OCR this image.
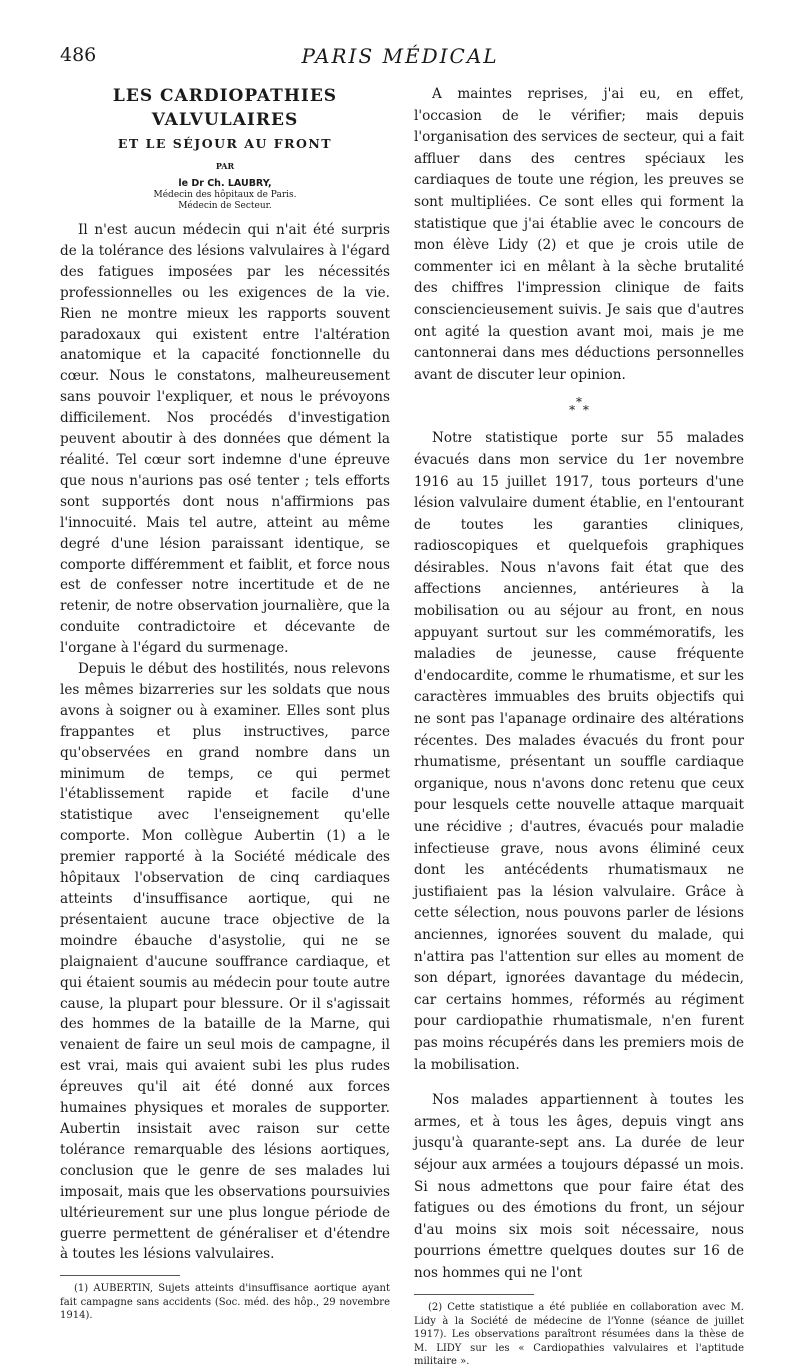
486	PARIS MÉDICAL
LES CARDIOPATHIES
VALVULAIRES

ET LE SÉJOUR AU FRONT

PAR

le Dr Ch. LAUBRY,

Médecin des hôpitaux de Paris.

Médecin de Secteur.

Il n'est aucun médecin qui n'ait été surpris de la tolérance des lésions valvulaires à l'égard des fatigues imposées par les nécessités professionnelles ou les exigences de la vie. Rien ne montre mieux les rapports souvent paradoxaux qui existent entre l'altération anatomique et la capacité fonctionnelle du cœur. Nous le constatons, malheureusement sans pouvoir l'expliquer, et nous le prévoyons difficilement. Nos procédés d'investigation peuvent aboutir à des données que dément la réalité. Tel cœur sort indemne d'une épreuve que nous n'aurions pas osé tenter ; tels efforts sont supportés dont nous n'affirmions pas l'innocuité. Mais tel autre, atteint au même degré d'une lésion paraissant identique, se comporte différemment et faiblit, et force nous est de confesser notre incertitude et de ne retenir, de notre observation journalière, que la conduite contradictoire et décevante de l'organe à l'égard du surmenage.

Depuis le début des hostilités, nous relevons les mêmes bizarreries sur les soldats que nous avons à soigner ou à examiner. Elles sont plus frappantes et plus instructives, parce qu'observées en grand nombre dans un minimum de temps, ce qui permet l'établissement rapide et facile d'une statistique avec l'enseignement qu'elle comporte. Mon collègue Aubertin (1) a le premier rapporté à la Société médicale des hôpitaux l'observation de cinq cardiaques atteints d'insuffisance aortique, qui ne présentaient aucune trace objective de la moindre ébauche d'asystolie, qui ne se plaignaient d'aucune souffrance cardiaque, et qui étaient soumis au médecin pour toute autre cause, la plupart pour blessure. Or il s'agissait des hommes de la bataille de la Marne, qui venaient de faire un seul mois de campagne, il est vrai, mais qui avaient subi les plus rudes épreuves qu'il ait été donné aux forces humaines physiques et morales de supporter. Aubertin insistait avec raison sur cette tolérance remarquable des lésions aortiques, conclusion que le genre de ses malades lui imposait, mais que les observations poursuivies ultérieurement sur une plus longue période de guerre permettent de généraliser et d'étendre à toutes les lésions valvulaires.

(1) AUBERTIN, Sujets atteints d'insuffisance aortique ayant fait campagne sans accidents (Soc. méd. des hôp., 29 novembre 1914).

A maintes reprises, j'ai eu, en effet, l'occasion de le vérifier; mais depuis l'organisation des services de secteur, qui a fait affluer dans des centres spéciaux les cardiaques de toute une région, les preuves se sont multipliées. Ce sont elles qui forment la statistique que j'ai établie avec le concours de mon élève Lidy (2) et que je crois utile de commenter ici en mêlant à la sèche brutalité des chiffres l'impression clinique de faits consciencieusement suivis. Je sais que d'autres ont agité la question avant moi, mais je me cantonnerai dans mes déductions personnelles avant de discuter leur opinion.

*
* *

Notre statistique porte sur 55 malades évacués dans mon service du 1er novembre 1916 au 15 juillet 1917, tous porteurs d'une lésion valvulaire dument établie, en l'entourant de toutes les garanties cliniques, radioscopiques et quelquefois graphiques désirables. Nous n'avons fait état que des affections anciennes, antérieures à la mobilisation ou au séjour au front, en nous appuyant surtout sur les commémoratifs, les maladies de jeunesse, cause fréquente d'endocardite, comme le rhumatisme, et sur les caractères immuables des bruits objectifs qui ne sont pas l'apanage ordinaire des altérations récentes. Des malades évacués du front pour rhumatisme, présentant un souffle cardiaque organique, nous n'avons donc retenu que ceux pour lesquels cette nouvelle attaque marquait une récidive ; d'autres, évacués pour maladie infectieuse grave, nous avons éliminé ceux dont les antécédents rhumatismaux ne justifiaient pas la lésion valvulaire. Grâce à cette sélection, nous pouvons parler de lésions anciennes, ignorées souvent du malade, qui n'attira pas l'attention sur elles au moment de son départ, ignorées davantage du médecin, car certains hommes, réformés au régiment pour cardiopathie rhumatismale, n'en furent pas moins récupérés dans les premiers mois de la mobilisation.

Nos malades appartiennent à toutes les armes, et à tous les âges, depuis vingt ans jusqu'à quarante-sept ans. La durée de leur séjour aux armées a toujours dépassé un mois. Si nous admettons que pour faire état des fatigues ou des émotions du front, un séjour d'au moins six mois soit nécessaire, nous pourrions émettre quelques doutes sur 16 de nos hommes qui ne l'ont

(2) Cette statistique a été publiée en collaboration avec M. Lidy à la Société de médecine de l'Yonne (séance de juillet 1917). Les observations paraîtront résumées dans la thèse de M. LIDY sur les « Cardiopathies valvulaires et l'aptitude militaire ».
